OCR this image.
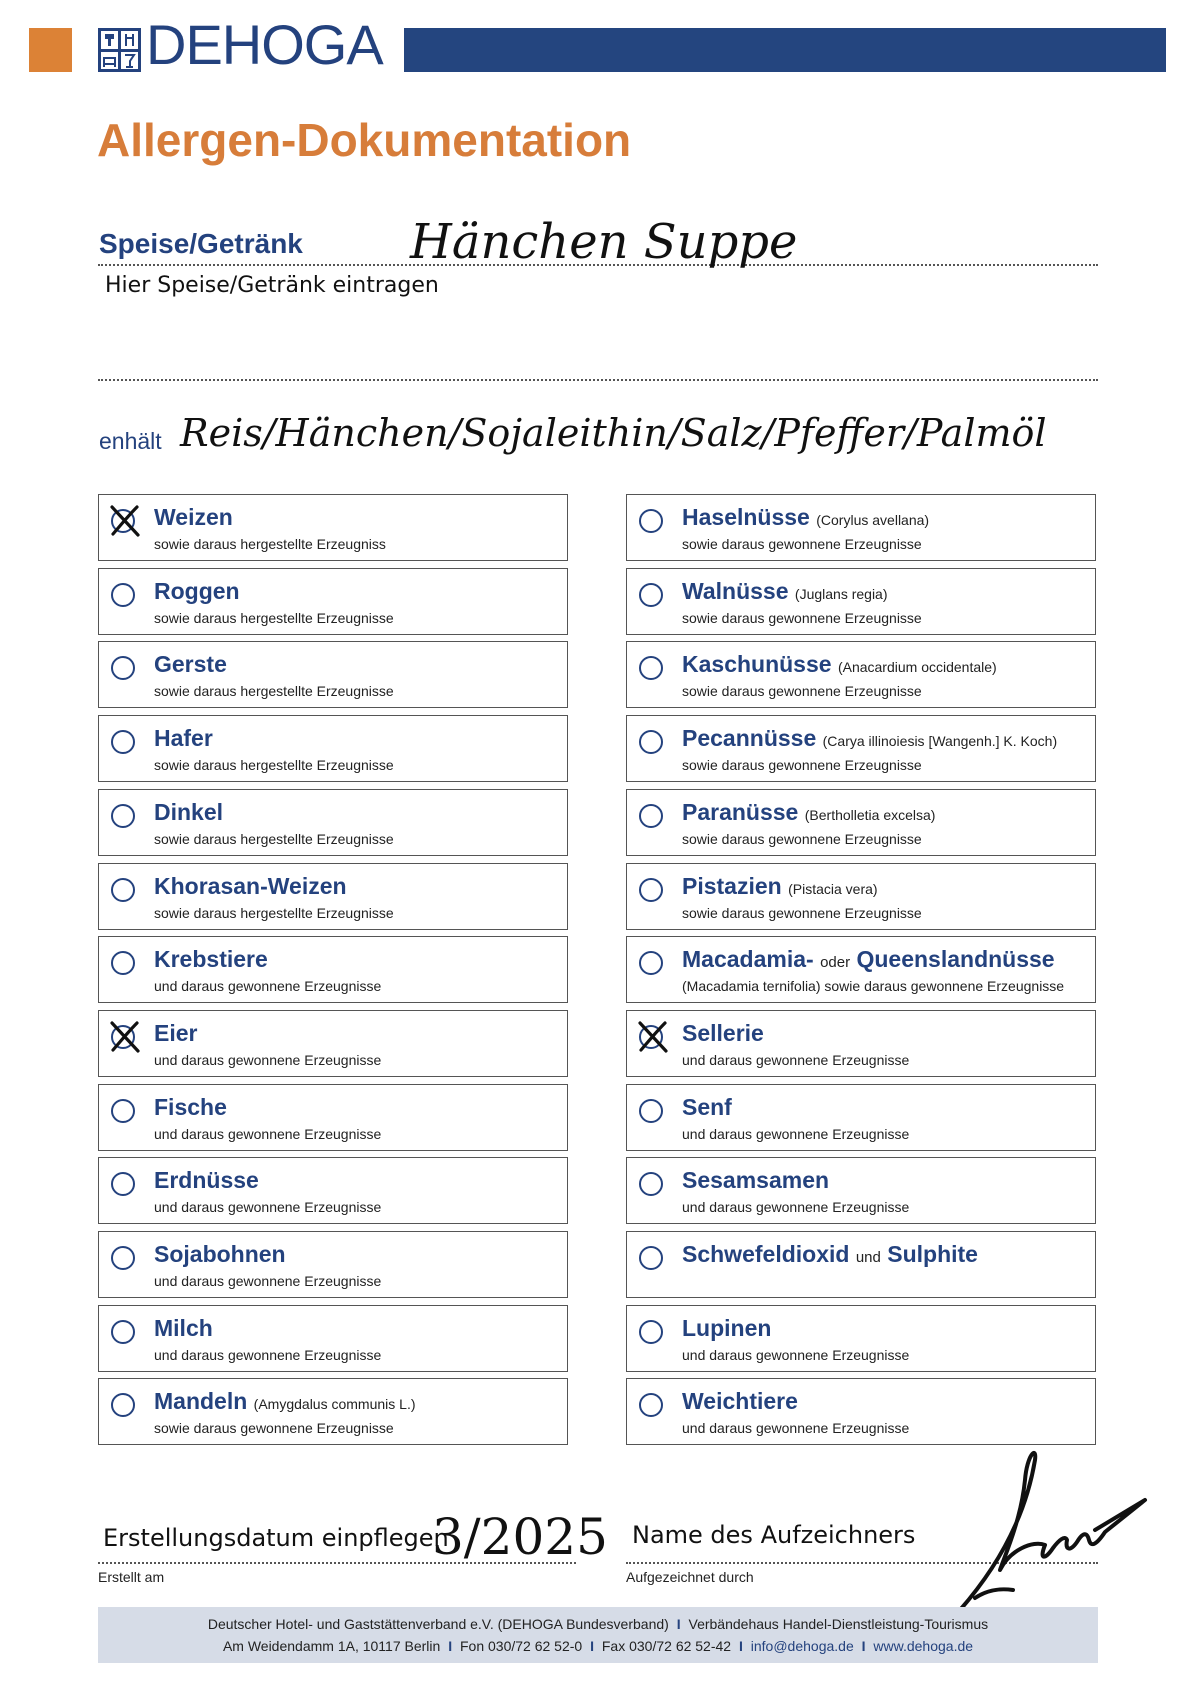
DEHOGA
Allergen-Dokumentation
Speise/Getränk Hänchen Suppe
Hier Speise/Getränk eintragen
enhält Reis/Hänchen/Sojaleithin/Salz/Pfeffer/Palmöl
Weizen
sowie daraus hergestellte Erzeugniss
Roggen
sowie daraus hergestellte Erzeugnisse
Gerste
sowie daraus hergestellte Erzeugnisse
Hafer
sowie daraus hergestellte Erzeugnisse
Dinkel
sowie daraus hergestellte Erzeugnisse
Khorasan-Weizen
sowie daraus hergestellte Erzeugnisse
Krebstiere
und daraus gewonnene Erzeugnisse
Eier
und daraus gewonnene Erzeugnisse
Fische
und daraus gewonnene Erzeugnisse
Erdnüsse
und daraus gewonnene Erzeugnisse
Sojabohnen
und daraus gewonnene Erzeugnisse
Milch
und daraus gewonnene Erzeugnisse
Mandeln (Amygdalus communis L.)
sowie daraus gewonnene Erzeugnisse
Haselnüsse (Corylus avellana)
sowie daraus gewonnene Erzeugnisse
Walnüsse (Juglans regia)
sowie daraus gewonnene Erzeugnisse
Kaschunüsse (Anacardium occidentale)
sowie daraus gewonnene Erzeugnisse
Pecannüsse (Carya illinoiesis [Wangenh.] K. Koch)
sowie daraus gewonnene Erzeugnisse
Paranüsse (Bertholletia excelsa)
sowie daraus gewonnene Erzeugnisse
Pistazien (Pistacia vera)
sowie daraus gewonnene Erzeugnisse
Macadamia- oder Queenslandnüsse
(Macadamia ternifolia) sowie daraus gewonnene Erzeugnisse
Sellerie
und daraus gewonnene Erzeugnisse
Senf
und daraus gewonnene Erzeugnisse
Sesamsamen
und daraus gewonnene Erzeugnisse
Schwefeldioxid und Sulphite
Lupinen
und daraus gewonnene Erzeugnisse
Weichtiere
und daraus gewonnene Erzeugnisse
Erstellungsdatum einpflegen
3/2025
Erstellt am
Name des Aufzeichners
Aufgezeichnet durch
Deutscher Hotel- und Gaststättenverband e.V. (DEHOGA Bundesverband) I Verbändehaus Handel-Dienstleistung-Tourismus
Am Weidendamm 1A, 10117 Berlin I Fon 030/72 62 52-0 I Fax 030/72 62 52-42 I info@dehoga.de I www.dehoga.de
